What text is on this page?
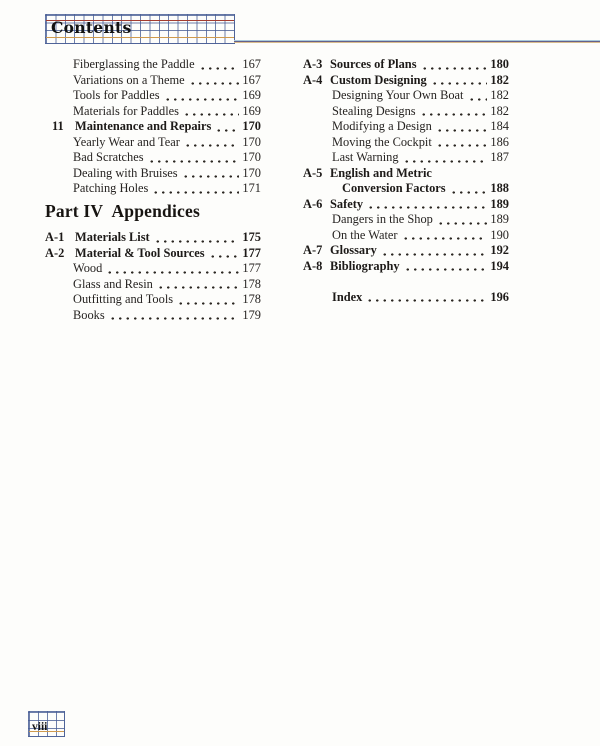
Contents
Fiberglassing the Paddle	167
Variations on a Theme	167
Tools for Paddles	169
Materials for Paddles	169
11 Maintenance and Repairs	170
Yearly Wear and Tear	170
Bad Scratches	170
Dealing with Bruises	170
Patching Holes	171
Part IV  Appendices
A-1 Materials List	175
A-2 Material & Tool Sources	177
Wood	177
Glass and Resin	178
Outfitting and Tools	178
Books	179
A-3 Sources of Plans	180
A-4 Custom Designing	182
Designing Your Own Boat 182
Stealing Designs	182
Modifying a Design	184
Moving the Cockpit	186
Last Warning	187
A-5 English and Metric
Conversion Factors	188
A-6 Safety	189
Dangers in the Shop	189
On the Water	190
A-7 Glossary	192
A-8 Bibliography	194
Index	196
viii
